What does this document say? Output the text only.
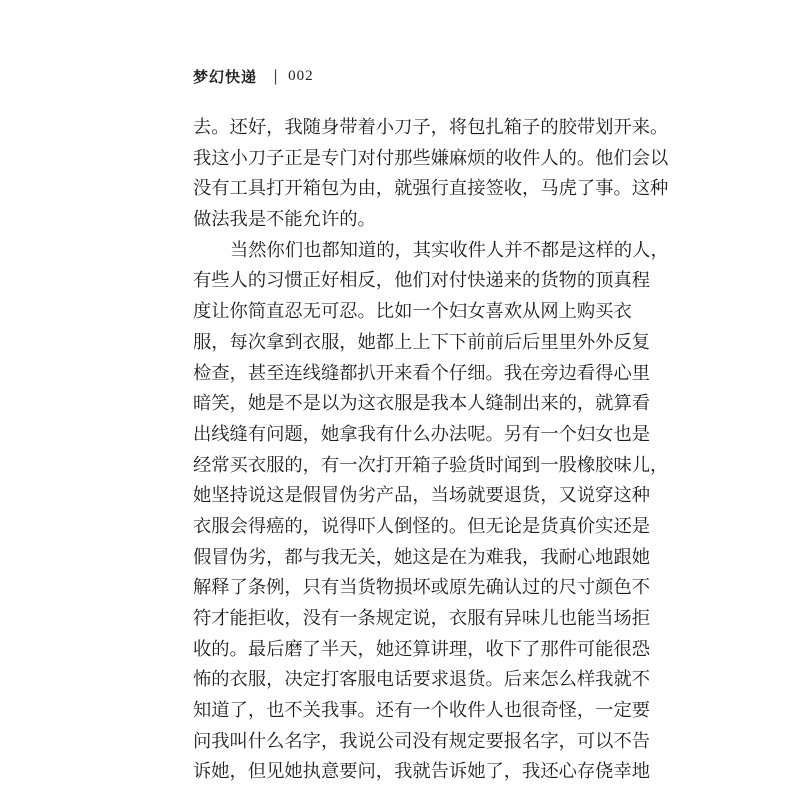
梦幻快递 | 002
去。还好，我随身带着小刀子，将包扎箱子的胶带划开来。
我这小刀子正是专门对付那些嫌麻烦的收件人的。他们会以
没有工具打开箱包为由，就强行直接签收，马虎了事。这种
做法我是不能允许的。
当然你们也都知道的，其实收件人并不都是这样的人，
有些人的习惯正好相反，他们对付快递来的货物的顶真程
度让你简直忍无可忍。比如一个妇女喜欢从网上购买衣
服，每次拿到衣服，她都上上下下前前后后里里外外反复
检查，甚至连线缝都扒开来看个仔细。我在旁边看得心里
暗笑，她是不是以为这衣服是我本人缝制出来的，就算看
出线缝有问题，她拿我有什么办法呢。另有一个妇女也是
经常买衣服的，有一次打开箱子验货时闻到一股橡胶味儿，
她坚持说这是假冒伪劣产品，当场就要退货，又说穿这种
衣服会得癌的，说得吓人倒怪的。但无论是货真价实还是
假冒伪劣，都与我无关，她这是在为难我，我耐心地跟她
解释了条例，只有当货物损坏或原先确认过的尺寸颜色不
符才能拒收，没有一条规定说，衣服有异味儿也能当场拒
收的。最后磨了半天，她还算讲理，收下了那件可能很恐
怖的衣服，决定打客服电话要求退货。后来怎么样我就不
知道了，也不关我事。还有一个收件人也很奇怪，一定要
问我叫什么名字，我说公司没有规定要报名字，可以不告
诉她，但见她执意要问，我就告诉她了，我还心存侥幸地
